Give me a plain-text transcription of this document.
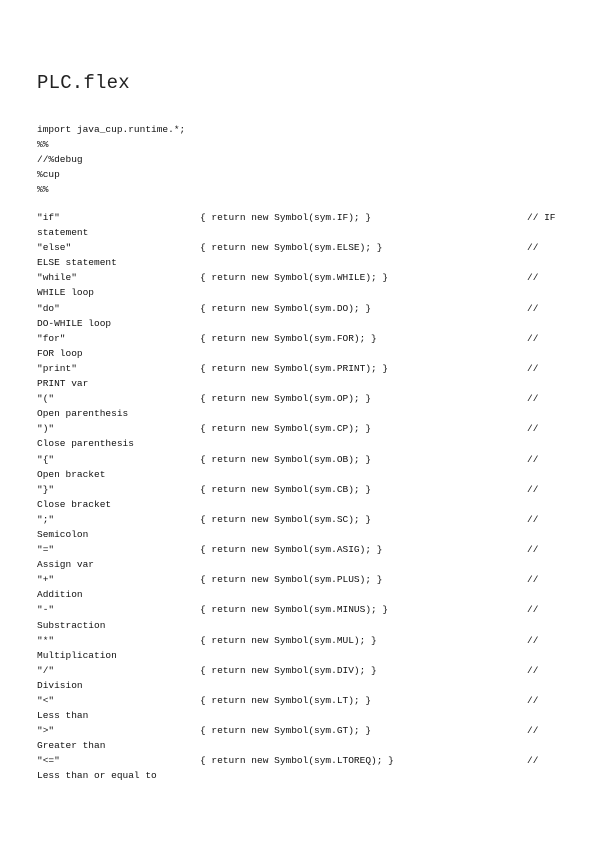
PLC.flex
import java_cup.runtime.*;
%%
//%debug
%cup
%%
"if"	{ return new Symbol(sym.IF); }	// IF
statement
"else"	{ return new Symbol(sym.ELSE); }	//
ELSE statement
"while"	{ return new Symbol(sym.WHILE); }	//
WHILE loop
"do"	{ return new Symbol(sym.DO); }	//
DO-WHILE loop
"for"	{ return new Symbol(sym.FOR); }	//
FOR loop
"print"	{ return new Symbol(sym.PRINT); }	//
PRINT var
"("	{ return new Symbol(sym.OP); }	//
Open parenthesis
")"	{ return new Symbol(sym.CP); }	//
Close parenthesis
"{"	{ return new Symbol(sym.OB); }	//
Open bracket
"}"	{ return new Symbol(sym.CB); }	//
Close bracket
";"	{ return new Symbol(sym.SC); }	//
Semicolon
"="	{ return new Symbol(sym.ASIG); }	//
Assign var
"+"	{ return new Symbol(sym.PLUS); }	//
Addition
"-"	{ return new Symbol(sym.MINUS); }	//
Substraction
"*"	{ return new Symbol(sym.MUL); }	//
Multiplication
"/"	{ return new Symbol(sym.DIV); }	//
Division
"<"	{ return new Symbol(sym.LT); }	//
Less than
">"	{ return new Symbol(sym.GT); }	//
Greater than
"<="	{ return new Symbol(sym.LTOREQ); }	//
Less than or equal to
